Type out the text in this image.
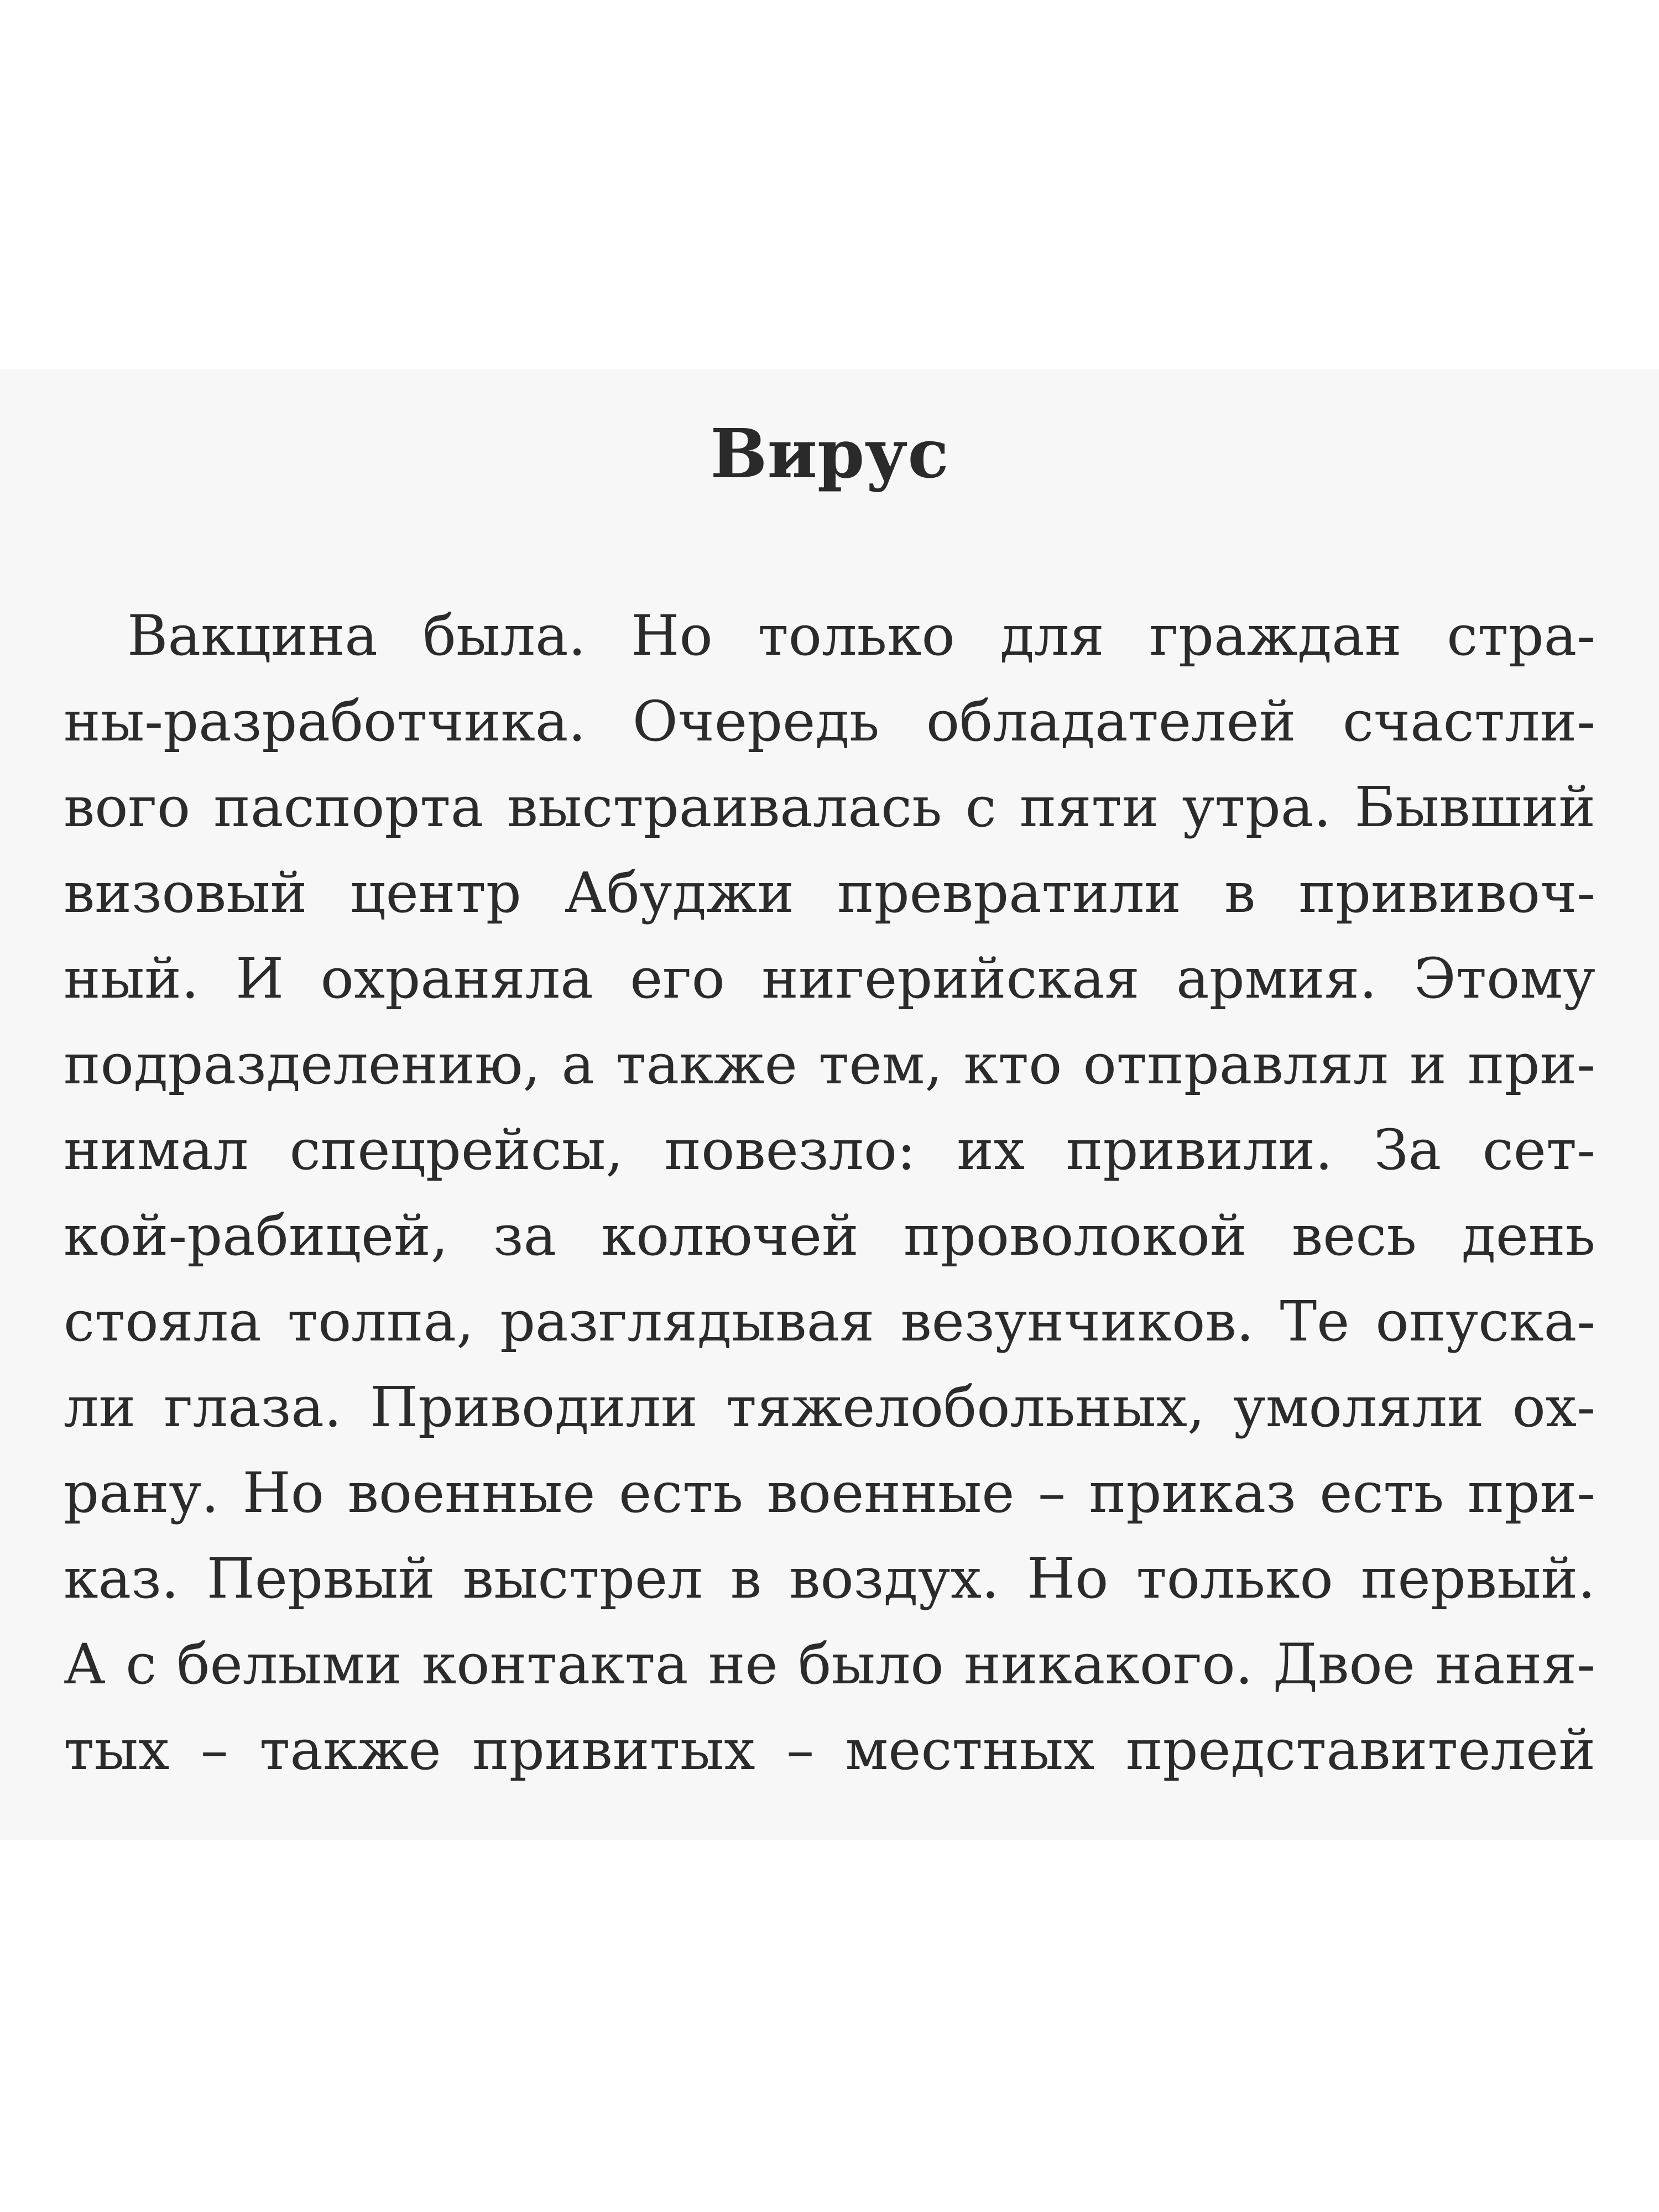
Вирус
Вакцина была. Но только для граждан стра-
ны-разработчика. Очередь обладателей счастли-
вого паспорта выстраивалась с пяти утра. Бывший
визовый центр Абуджи превратили в прививоч-
ный. И охраняла его нигерийская армия. Этому
подразделению, а также тем, кто отправлял и при-
нимал спецрейсы, повезло: их привили. За сет-
кой-рабицей, за колючей проволокой весь день
стояла толпа, разглядывая везунчиков. Те опуска-
ли глаза. Приводили тяжелобольных, умоляли ох-
рану. Но военные есть военные – приказ есть при-
каз. Первый выстрел в воздух. Но только первый.
А с белыми контакта не было никакого. Двое наня-
тых – также привитых – местных представителей
